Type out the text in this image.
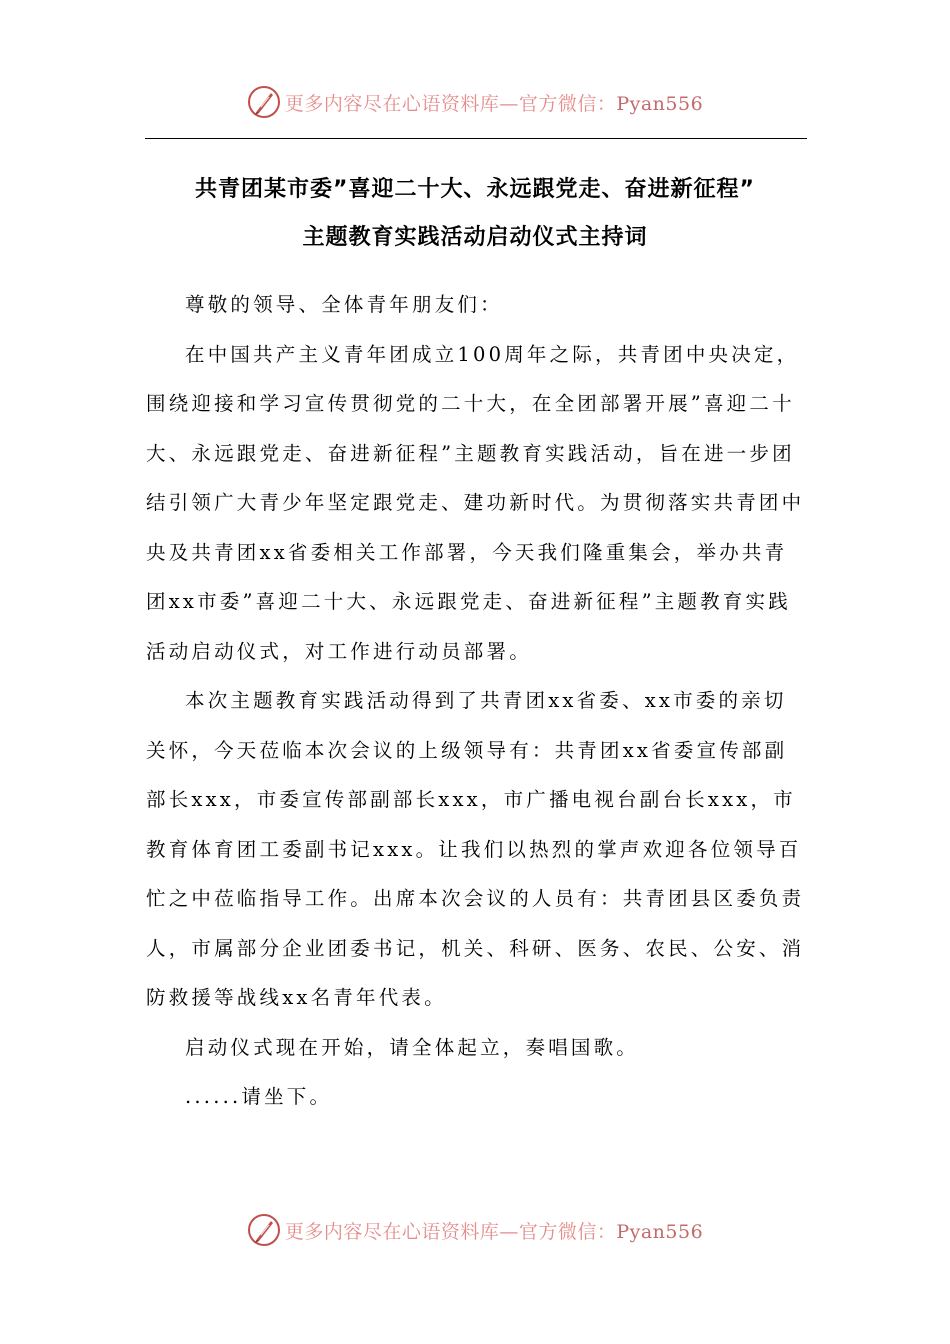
更多内容尽在心语资料库—官方微信：Pyan556
共青团某市委”喜迎二十大、永远跟党走、奋进新征程”
主题教育实践活动启动仪式主持词

尊敬的领导、全体青年朋友们：

在中国共产主义青年团成立100周年之际，共青团中央决定，围绕迎接和学习宣传贯彻党的二十大，在全团部署开展”喜迎二十大、永远跟党走、奋进新征程”主题教育实践活动，旨在进一步团结引领广大青少年坚定跟党走、建功新时代。为贯彻落实共青团中央及共青团xx省委相关工作部署，今天我们隆重集会，举办共青团xx市委”喜迎二十大、永远跟党走、奋进新征程”主题教育实践活动启动仪式，对工作进行动员部署。

本次主题教育实践活动得到了共青团xx省委、xx市委的亲切关怀，今天莅临本次会议的上级领导有：共青团xx省委宣传部副部长xxx，市委宣传部副部长xxx，市广播电视台副台长xxx，市教育体育团工委副书记xxx。让我们以热烈的掌声欢迎各位领导百忙之中莅临指导工作。出席本次会议的人员有：共青团县区委负责人，市属部分企业团委书记，机关、科研、医务、农民、公安、消防救援等战线xx名青年代表。

启动仪式现在开始，请全体起立，奏唱国歌。

......请坐下。

更多内容尽在心语资料库—官方微信：Pyan556
